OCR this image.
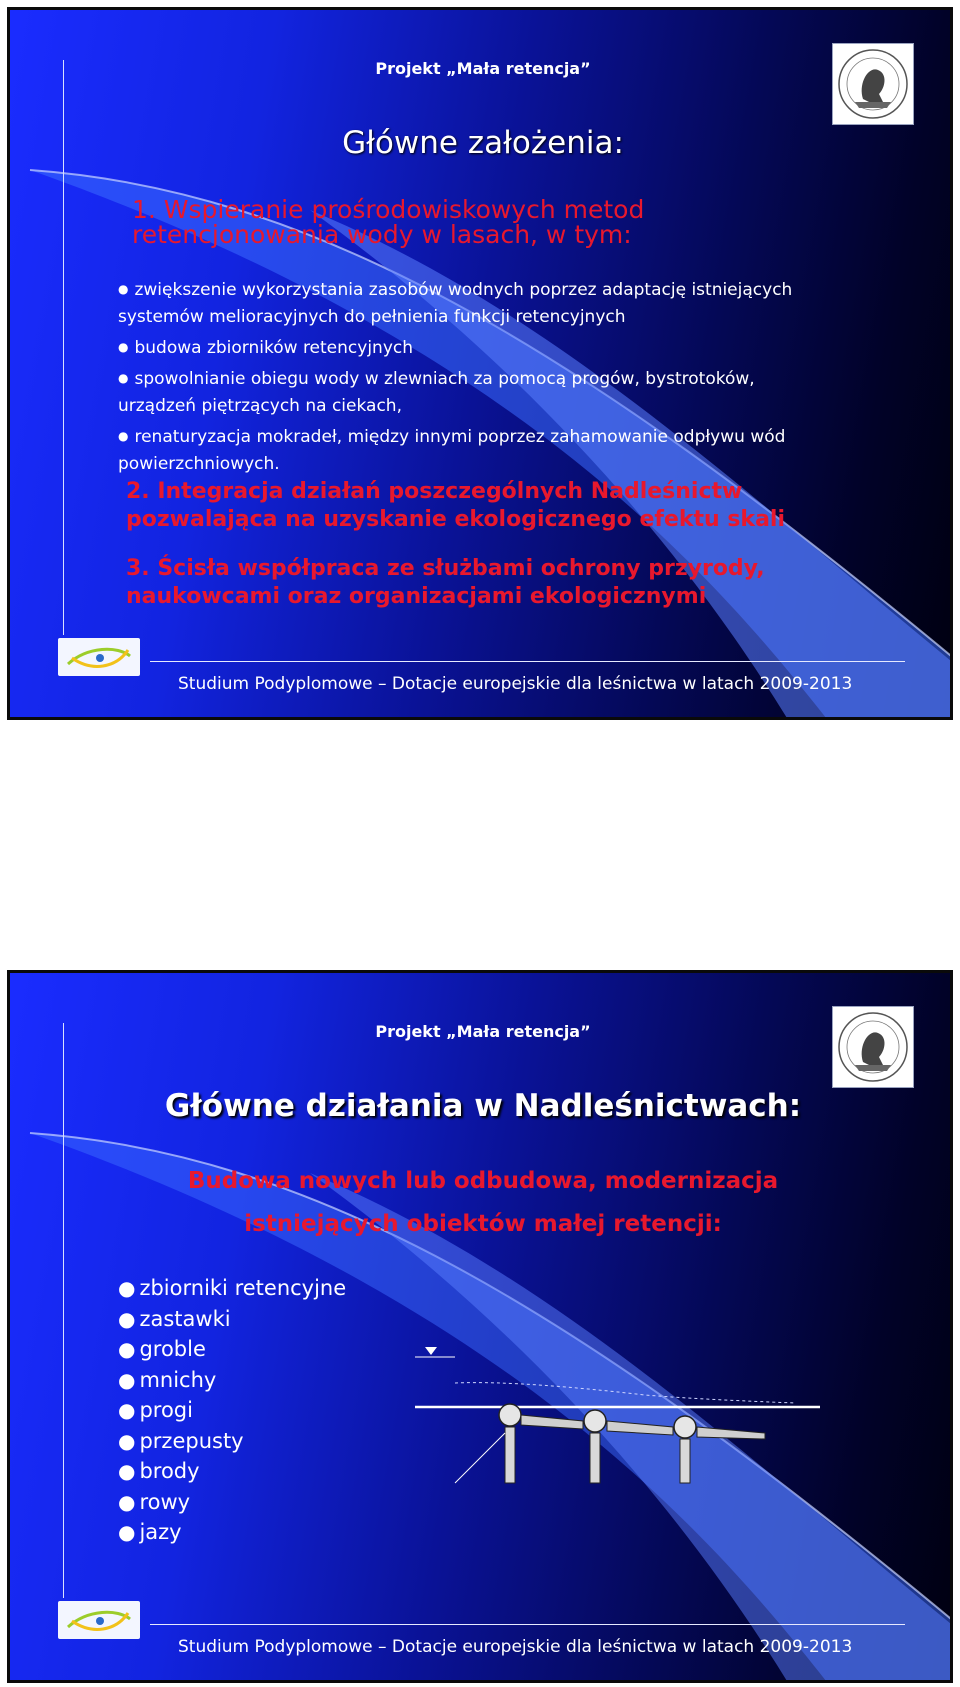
Projekt „Mała retencja”
Główne założenia:
1. Wspieranie prośrodowiskowych metod
retencjonowania wody w lasach, w tym:
● zwiększenie wykorzystania zasobów wodnych poprzez adaptację istniejących
systemów melioracyjnych do pełnienia funkcji retencyjnych
● budowa zbiorników retencyjnych
● spowolnianie obiegu wody w zlewniach za pomocą progów, bystrotoków,
urządzeń piętrzących na ciekach,
● renaturyzacja mokradeł, między innymi poprzez zahamowanie odpływu wód
powierzchniowych.
2. Integracja działań poszczególnych Nadleśnictw
pozwalająca na uzyskanie ekologicznego efektu skali
3. Ścisła współpraca ze służbami ochrony przyrody,
naukowcami oraz organizacjami ekologicznymi
Studium Podyplomowe – Dotacje europejskie dla leśnictwa w latach 2009-2013
Projekt „Mała retencja”
Główne działania w Nadleśnictwach:
Budowa nowych lub odbudowa, modernizacja
istniejących obiektów małej retencji:
● zbiorniki retencyjne
● zastawki
● groble
● mnichy
● progi
● przepusty
● brody
● rowy
● jazy
Studium Podyplomowe – Dotacje europejskie dla leśnictwa w latach 2009-2013
